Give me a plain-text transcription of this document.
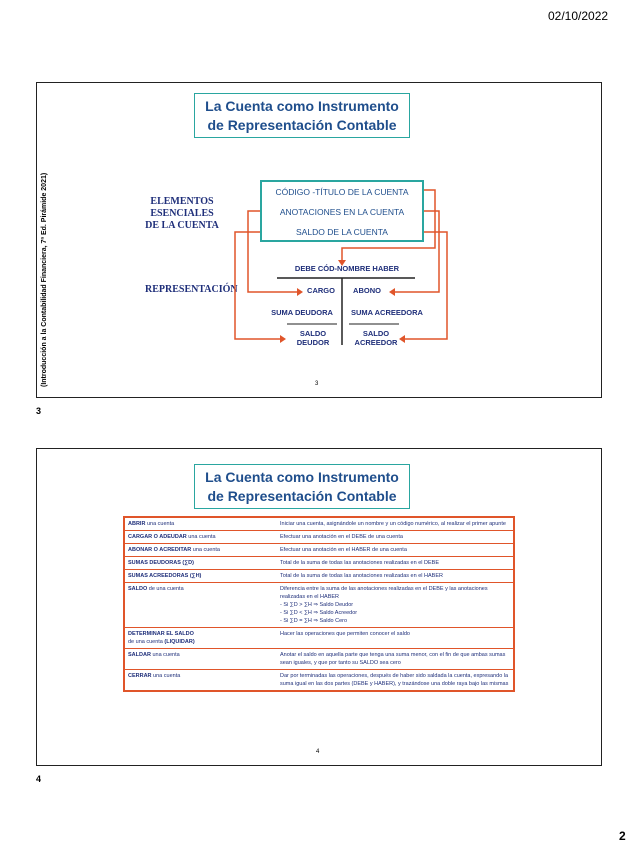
02/10/2022
La Cuenta como Instrumento
de Representación Contable
(Introducción a la Contabilidad Financiera, 7ª Ed. Pirámide 2021)	ELEMENTOS
ESENCIALES
DE LA CUENTA
REPRESENTACIÓN
CÓDIGO -TÍTULO DE LA CUENTA
ANOTACIONES EN LA CUENTA
SALDO DE LA CUENTA
DEBE CÓD-NOMBRE HABER
CARGO	ABONO
SUMA DEUDORA	SUMA ACREEDORA
SALDO
DEUDOR
SALDO
ACREEDOR
3
3
La Cuenta como Instrumento
de Representación Contable
ABRIR una cuenta	Iniciar una cuenta, asignándole un nombre y un código numérico, al realizar el primer apunte
CARGAR O ADEUDAR una cuenta	Efectuar una anotación en el DEBE de una cuenta
ABONAR O ACREDITAR una cuenta	Efectuar una anotación en el HABER de una cuenta
SUMAS DEUDORAS (∑D)	Total de la suma de todas las anotaciones realizadas en el DEBE
SUMAS ACREEDORAS (∑H)	Total de la suma de todas las anotaciones realizadas en el HABER
SALDO de una cuenta	Diferencia entre la suma de las anotaciones realizadas en el DEBE y las anotaciones realizadas en el HABER
- Si ∑D > ∑H ⇒ Saldo Deudor
- Si ∑D < ∑H ⇒ Saldo Acreedor
- Si ∑D = ∑H ⇒ Saldo Cero
DETERMINAR EL SALDO
de una cuenta (LIQUIDAR)	Hacer las operaciones que permiten conocer el saldo
SALDAR una cuenta	Anotar el saldo en aquella parte que tenga una suma menor, con el fin de que ambas sumas sean iguales, y que por tanto su SALDO sea cero
CERRAR una cuenta	Dar por terminadas las operaciones, después de haber sido saldada la cuenta, expresando la suma igual en las dos partes (DEBE y HABER), y trazándose una doble raya bajo las mismas
4
4
2
